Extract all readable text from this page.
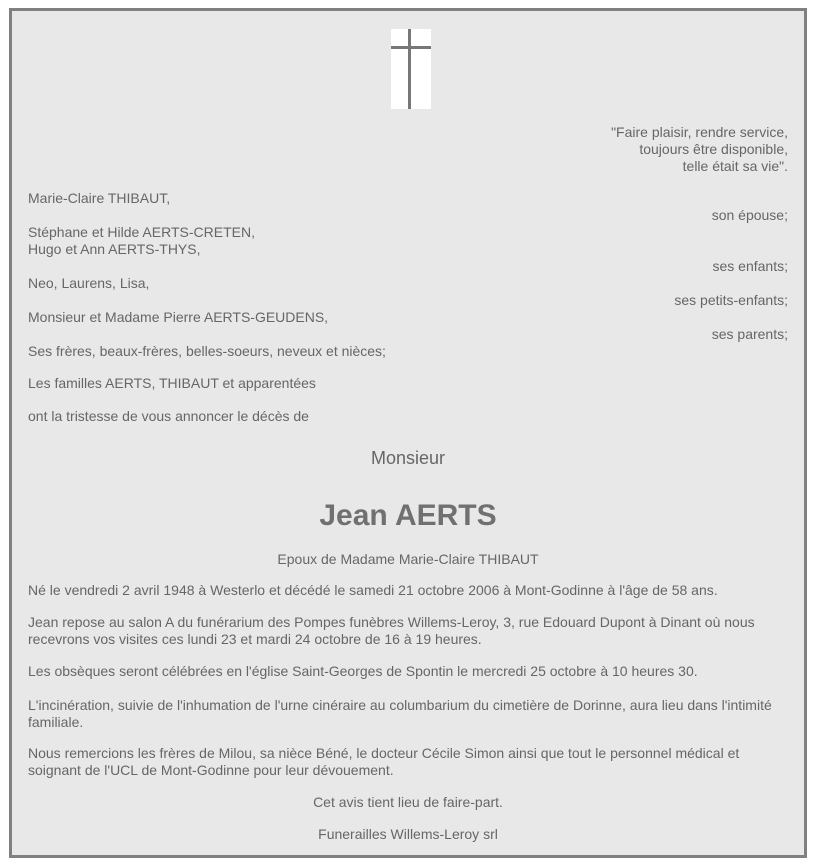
"Faire plaisir, rendre service,
toujours être disponible,
telle était sa vie".
Marie-Claire THIBAUT,
son épouse;
Stéphane et Hilde AERTS-CRETEN,
Hugo et Ann AERTS-THYS,
ses enfants;
Neo, Laurens, Lisa,
ses petits-enfants;
Monsieur et Madame Pierre AERTS-GEUDENS,
ses parents;
Ses frères, beaux-frères, belles-soeurs, neveux et nièces;
Les familles AERTS, THIBAUT et apparentées
ont la tristesse de vous annoncer le décès de
Monsieur
Jean AERTS
Epoux de Madame Marie-Claire THIBAUT
Né le vendredi 2 avril 1948 à Westerlo et décédé le samedi 21 octobre 2006 à Mont-Godinne à l'âge de 58 ans.
Jean repose au salon A du funérarium des Pompes funèbres Willems-Leroy, 3, rue Edouard Dupont à Dinant où nous recevrons vos visites ces lundi 23 et mardi 24 octobre de 16 à 19 heures.
Les obsèques seront célébrées en l'église Saint-Georges de Spontin le mercredi 25 octobre à 10 heures 30.
L'incinération, suivie de l'inhumation de l'urne cinéraire au columbarium du cimetière de Dorinne, aura lieu dans l'intimité familiale.
Nous remercions les frères de Milou, sa nièce Béné, le docteur Cécile Simon ainsi que tout le personnel médical et soignant de l'UCL de Mont-Godinne pour leur dévouement.
Cet avis tient lieu de faire-part.
Funerailles Willems-Leroy srl
